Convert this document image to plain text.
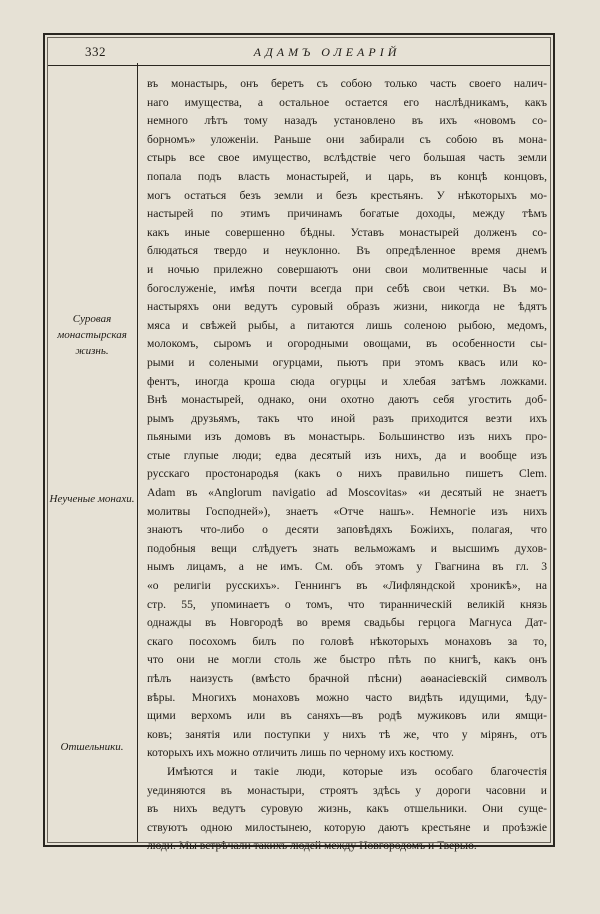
332	АДАМЪ ОЛЕАРІЙ
Суровая монастырская жизнь.
Неученые монахи.
Отшельники.

въ монастырь, онъ беретъ съ собою только часть своего налич-
наго имущества, а остальное остается его наслѣдникамъ, какъ
немного лѣтъ тому назадъ установлено въ ихъ «новомъ со-
борномъ» уложеніи. Раньше они забирали съ собою въ мона-
стырь все свое имущество, вслѣдствіе чего большая часть земли
попала подъ власть монастырей, и царь, въ концѣ концовъ,
могъ остаться безъ земли и безъ крестьянъ. У нѣкоторыхъ мо-
настырей по этимъ причинамъ богатые доходы, между тѣмъ
какъ иные совершенно бѣдны. Уставъ монастырей долженъ со-
блюдаться твердо и неуклонно. Въ опредѣленное время днемъ
и ночью прилежно совершаютъ они свои молитвенные часы и
богослуженіе, имѣя почти всегда при себѣ свои четки. Въ мо-
настыряхъ они ведутъ суровый образъ жизни, никогда не ѣдятъ
мяса и свѣжей рыбы, а питаются лишь соленою рыбою, медомъ,
молокомъ, сыромъ и огородными овощами, въ особенности сы-
рыми и солеными огурцами, пьютъ при этомъ квасъ или ко-
фентъ, иногда кроша сюда огурцы и хлебая затѣмъ ложками.
Внѣ монастырей, однако, они охотно даютъ себя угостить доб-
рымъ друзьямъ, такъ что иной разъ приходится везти ихъ
пьяными изъ домовъ въ монастырь. Большинство изъ нихъ про-
стые глупые люди; едва десятый изъ нихъ, да и вообще изъ
русскаго простонародья (какъ о нихъ правильно пишетъ Clem.
Adam въ «Anglorum navigatio ad Moscovitas» «и десятый не знаетъ
молитвы Господней»), знаетъ «Отче нашъ». Немногіе изъ нихъ
знаютъ что-либо о десяти заповѣдяхъ Божіихъ, полагая, что
подобныя вещи слѣдуетъ знать вельможамъ и высшимъ духов-
нымъ лицамъ, а не имъ. См. объ этомъ у Гвагнина въ гл. 3
«о религіи русскихъ». Геннингъ въ «Лифляндской хроникѣ», на
стр. 55, упоминаетъ о томъ, что тиранническій великій князь
однажды въ Новгородѣ во время свадьбы герцога Магнуса Дат-
скаго посохомъ билъ по головѣ нѣкоторыхъ монаховъ за то,
что они не могли столь же быстро пѣть по книгѣ, какъ онъ
пѣлъ наизусть (вмѣсто брачной пѣсни) аѳанасіевскій символъ
вѣры. Многихъ монаховъ можно часто видѣть идущими, ѣду-
щими верхомъ или въ саняхъ—въ родѣ мужиковъ или ямщи-
ковъ; занятія или поступки у нихъ тѣ же, что у мірянъ, отъ
которыхъ ихъ можно отличить лишь по черному ихъ костюму.

Имѣются и такіе люди, которые изъ особаго благочестія
уединяются въ монастыри, строятъ здѣсь у дороги часовни и
въ нихъ ведутъ суровую жизнь, какъ отшельники. Они суще-
ствуютъ одною милостынею, которую даютъ крестьяне и проѣзжіе
люди. Мы встрѣчали такихъ людей между Новгородомъ и Тверью.
